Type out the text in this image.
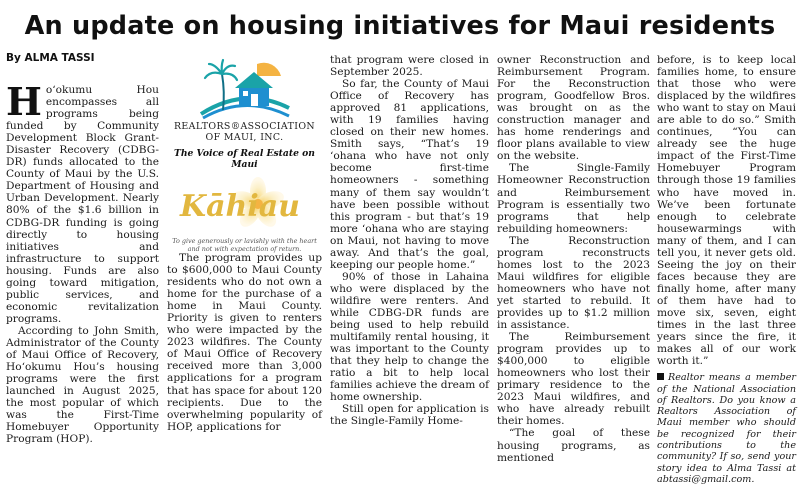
An update on housing initiatives for Maui residents
By ALMA TASSI

Ho‘okumu Hou encompasses all programs being funded by Community Development Block Grant-Disaster Recovery (CDBG-DR) funds allocated to the County of Maui by the U.S. Department of Housing and Urban Development. Nearly 80% of the $1.6 billion in CDBG-DR funding is going directly to housing initiatives and infrastructure to support housing. Funds are also going toward mitigation, public services, and economic revitalization programs.

According to John Smith, Administrator of the County of Maui Office of Recovery, Ho‘okumu Hou’s housing programs were the first launched in August 2025, the most popular of which was the First-Time Homebuyer Opportunity Program (HOP).

REALTORS®ASSOCIATION
OF MAUI, INC.
The Voice of Real Estate on Maui
Kāhiau
To give generously or lavishly with the heart
and not with expectation of return.

The program provides up to $600,000 to Maui County residents who do not own a home for the purchase of a home in Maui County. Priority is given to renters who were impacted by the 2023 wildfires. The County of Maui Office of Recovery received more than 3,000 applications for a program that has space for about 120 recipients. Due to the overwhelming popularity of HOP, applications for

that program were closed in September 2025.

So far, the County of Maui Office of Recovery has approved 81 applications, with 19 families having closed on their new homes. Smith says, “That’s 19 ‘ohana who have not only become first-time homeowners - something many of them say wouldn’t have been possible without this program - but that’s 19 more ‘ohana who are staying on Maui, not having to move away. And that’s the goal, keeping our people home.”

90% of those in Lahaina who were displaced by the wildfire were renters. And while CDBG-DR funds are being used to help rebuild multifamily rental housing, it was important to the County that they help to change the ratio a bit to help local families achieve the dream of home ownership.

Still open for application is the Single-Family Home-

owner Reconstruction and Reimbursement Program. For the Reconstruction program, Goodfellow Bros. was brought on as the construction manager and has home renderings and floor plans available to view on the website.

The Single-Family Homeowner Reconstruction and Reimbursement Program is essentially two programs that help rebuilding homeowners:

The Reconstruction program reconstructs homes lost to the 2023 Maui wildfires for eligible homeowners who have not yet started to rebuild. It provides up to $1.2 million in assistance.

The Reimbursement program provides up to $400,000 to eligible homeowners who lost their primary residence to the 2023 Maui wildfires, and who have already rebuilt their homes.

“The goal of these housing programs, as mentioned

before, is to keep local families home, to ensure that those who were displaced by the wildfires who want to stay on Maui are able to do so.” Smith continues, “You can already see the huge impact of the First-Time Homebuyer Program through those 19 families who have moved in. We’ve been fortunate enough to celebrate housewarmings with many of them, and I can tell you, it never gets old. Seeing the joy on their faces because they are finally home, after many of them have had to move six, seven, eight times in the last three years since the fire, it makes all of our work worth it.”

Realtor means a member of the National Association of Realtors. Do you know a Realtors Association of Maui member who should be recognized for their contributions to the community? If so, send your story idea to Alma Tassi at abtassi@gmail.com.
